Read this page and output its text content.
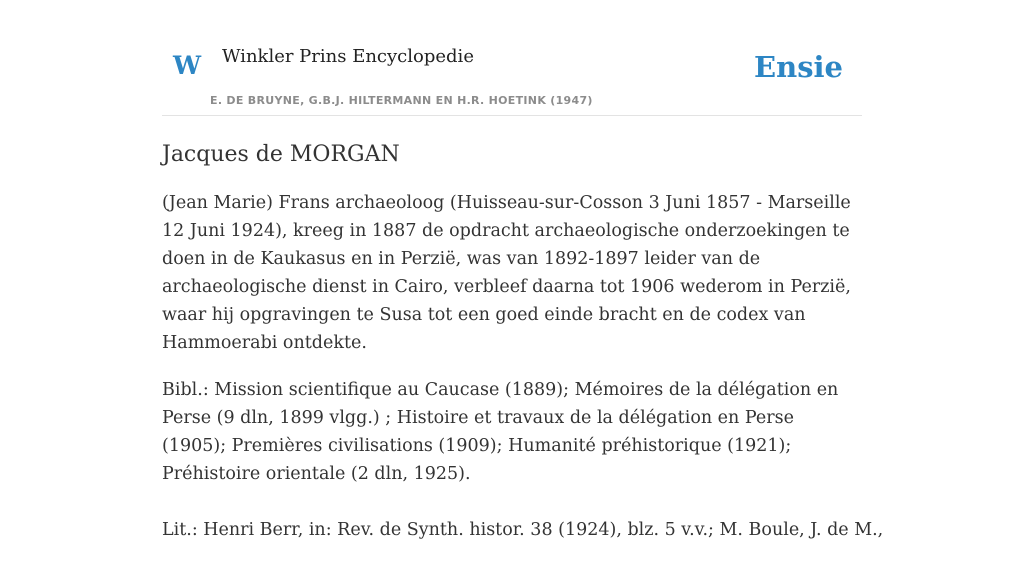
W Winkler Prins Encyclopedie
E. DE BRUYNE, G.B.J. HILTERMANN EN H.R. HOETINK (1947)
Ensie
Jacques de MORGAN

(Jean Marie) Frans archaeoloog (Huisseau-sur-Cosson 3 Juni 1857 - Marseille 12 Juni 1924), kreeg in 1887 de opdracht archaeologische onderzoekingen te doen in de Kaukasus en in Perzië, was van 1892-1897 leider van de archaeologische dienst in Cairo, verbleef daarna tot 1906 wederom in Perzië, waar hij opgravingen te Susa tot een goed einde bracht en de codex van Hammoerabi ontdekte.

Bibl.: Mission scientifique au Caucase (1889); Mémoires de la délégation en Perse (9 dln, 1899 vlgg.) ; Histoire et travaux de la délégation en Perse (1905); Premières civilisations (1909); Humanité préhistorique (1921); Préhistoire orientale (2 dln, 1925).

Lit.: Henri Berr, in: Rev. de Synth. histor. 38 (1924), blz. 5 v.v.; M. Boule, J. de M.,
